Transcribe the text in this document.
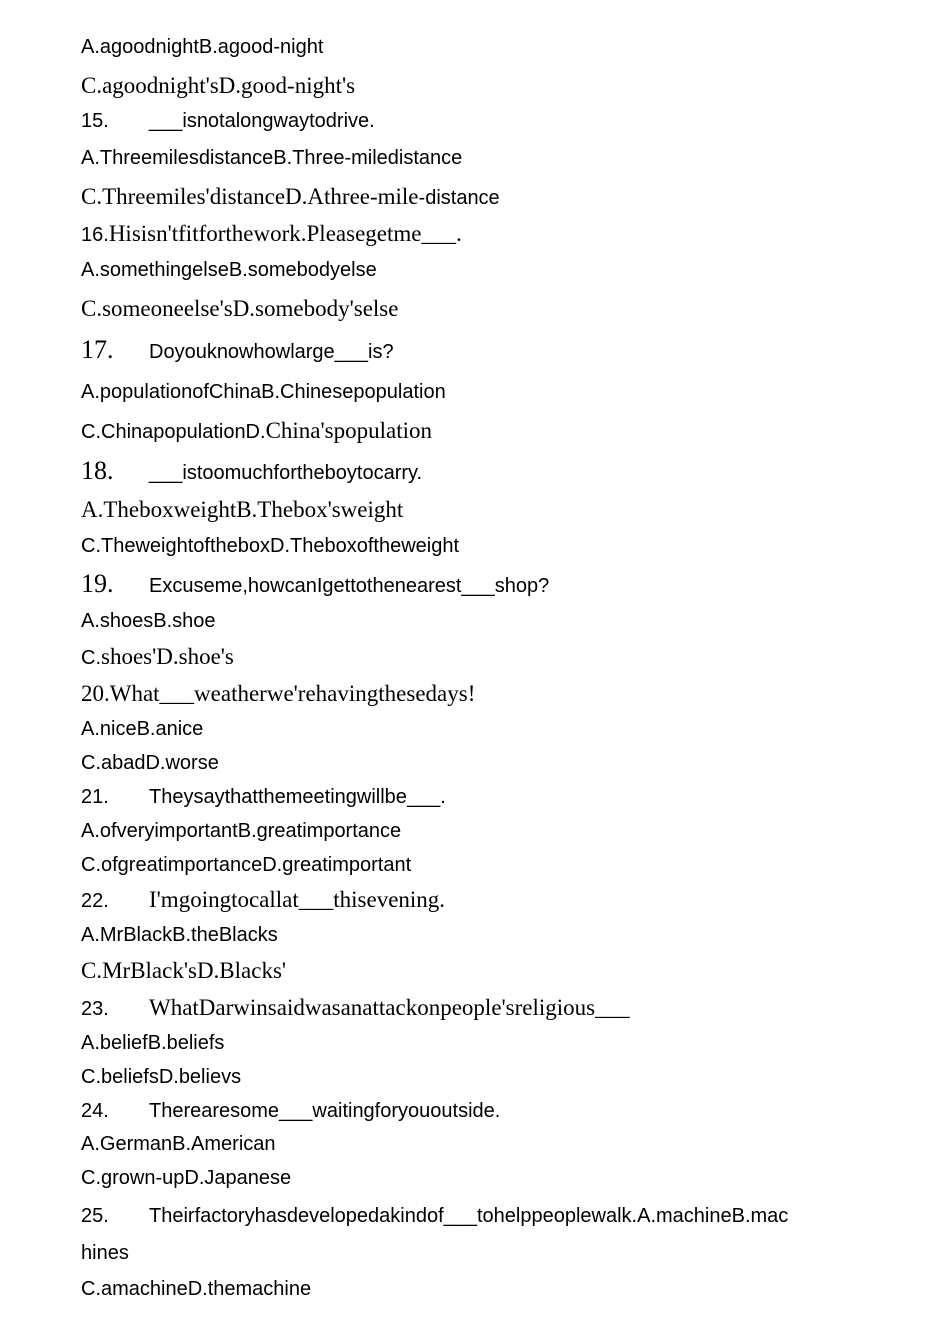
A.agoodnightB.agood-night
C.agoodnight'sD.good-night's
15. ___isnotalongwaytodrive.
A.ThreemilesdistanceB.Three-miledistance
C.Threemiles'distanceD.Athree-mile-distance
16.Hisisn'tfitforthework.Pleasegetme___.
A.somethingelseB.somebodyelse
C.someoneelse'sD.somebody'selse
17. Doyouknowhowlarge___is?
A.populationofChinaB.Chinesepopulation
C.ChinapopulationD.China'spopulation
18. ___istoomuchfortheboytocarry.
A.TheboxweightB.Thebox'sweight
C.TheweightoftheboxD.Theboxoftheweight
19. Excuseme,howcanIgettothenearest___shop?
A.shoesB.shoe
C.shoes'D.shoe's
20.What___weatherwe'rehavingthesedays!
A.niceB.anice
C.abadD.worse
21. Theysaythatthemeetingwillbe___.
A.ofveryimportantB.greatimportance
C.ofgreatimportanceD.greatimportant
22. I'mgoingtocallat___thisevening.
A.MrBlackB.theBlacks
C.MrBlack'sD.Blacks'
23. WhatDarwinsaidwasanattackonpeople'sreligious___
A.beliefB.beliefs
C.beliefsD.believs
24. Therearesome___waitingforyououtside.
A.GermanB.American
C.grown-upD.Japanese
25. Theirfactoryhasdevelopedakindof___tohelppeoplewalk.A.machineB.mac
hines
C.amachineD.themachine
